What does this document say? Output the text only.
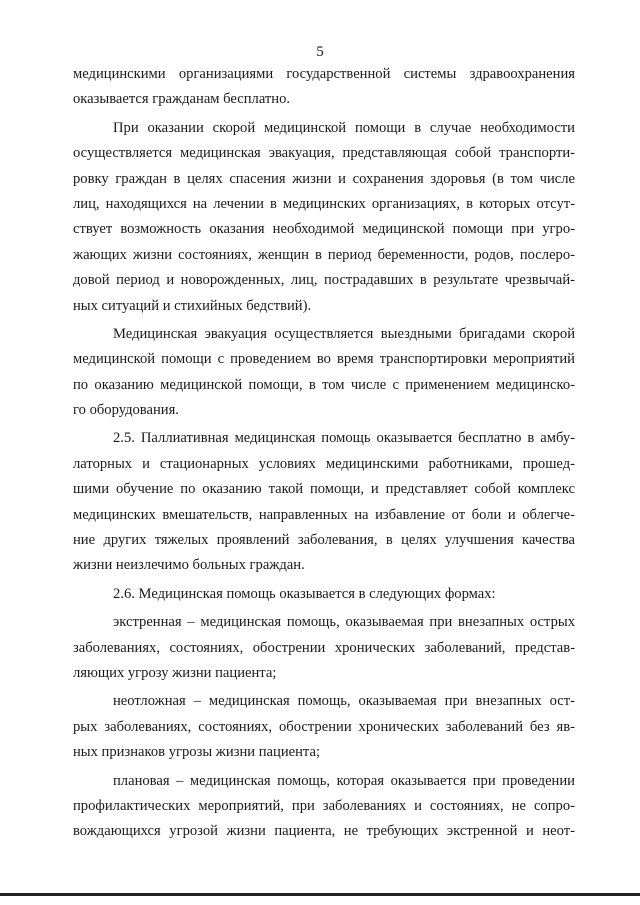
5
медицинскими организациями государственной системы здравоохранения
оказывается гражданам бесплатно.
При оказании скорой медицинской помощи в случае необходимости
осуществляется медицинская эвакуация, представляющая собой транспорти-
ровку граждан в целях спасения жизни и сохранения здоровья (в том числе
лиц, находящихся на лечении в медицинских организациях, в которых отсут-
ствует возможность оказания необходимой медицинской помощи при угро-
жающих жизни состояниях, женщин в период беременности, родов, послеро-
довой период и новорожденных, лиц, пострадавших в результате чрезвычай-
ных ситуаций и стихийных бедствий).
Медицинская эвакуация осуществляется выездными бригадами скорой
медицинской помощи с проведением во время транспортировки мероприятий
по оказанию медицинской помощи, в том числе с применением медицинско-
го оборудования.
2.5. Паллиативная медицинская помощь оказывается бесплатно в амбу-
латорных и стационарных условиях медицинскими работниками, прошед-
шими обучение по оказанию такой помощи, и представляет собой комплекс
медицинских вмешательств, направленных на избавление от боли и облегче-
ние других тяжелых проявлений заболевания, в целях улучшения качества
жизни неизлечимо больных граждан.
2.6. Медицинская помощь оказывается в следующих формах:
экстренная – медицинская помощь, оказываемая при внезапных острых
заболеваниях, состояниях, обострении хронических заболеваний, представ-
ляющих угрозу жизни пациента;
неотложная – медицинская помощь, оказываемая при внезапных ост-
рых заболеваниях, состояниях, обострении хронических заболеваний без яв-
ных признаков угрозы жизни пациента;
плановая – медицинская помощь, которая оказывается при проведении
профилактических мероприятий, при заболеваниях и состояниях, не сопро-
вождающихся угрозой жизни пациента, не требующих экстренной и неот-
